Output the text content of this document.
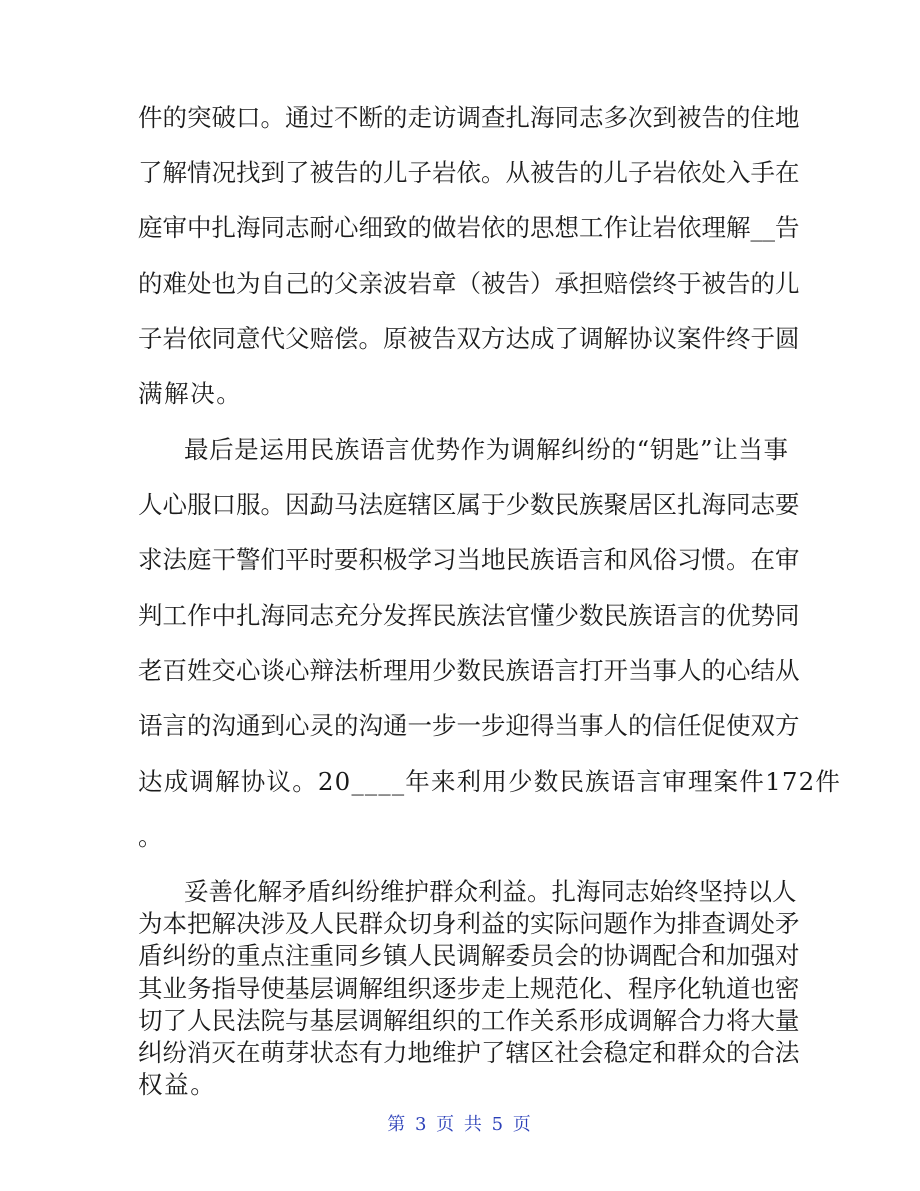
件的突破口。通过不断的走访调查扎海同志多次到被告的住地
了解情况找到了被告的儿子岩依。从被告的儿子岩依处入手在
庭审中扎海同志耐心细致的做岩依的思想工作让岩依理解__告
的难处也为自己的父亲波岩章（被告）承担赔偿终于被告的儿
子岩依同意代父赔偿。原被告双方达成了调解协议案件终于圆
满解决。
最后是运用民族语言优势作为调解纠纷的“钥匙”让当事
人心服口服。因勐马法庭辖区属于少数民族聚居区扎海同志要
求法庭干警们平时要积极学习当地民族语言和风俗习惯。在审
判工作中扎海同志充分发挥民族法官懂少数民族语言的优势同
老百姓交心谈心辩法析理用少数民族语言打开当事人的心结从
语言的沟通到心灵的沟通一步一步迎得当事人的信任促使双方
达成调解协议。20____年来利用少数民族语言审理案件172件
。
妥善化解矛盾纠纷维护群众利益。扎海同志始终坚持以人
为本把解决涉及人民群众切身利益的实际问题作为排查调处矛
盾纠纷的重点注重同乡镇人民调解委员会的协调配合和加强对
其业务指导使基层调解组织逐步走上规范化、程序化轨道也密
切了人民法院与基层调解组织的工作关系形成调解合力将大量
纠纷消灭在萌芽状态有力地维护了辖区社会稳定和群众的合法
权益。
第 3 页 共 5 页
